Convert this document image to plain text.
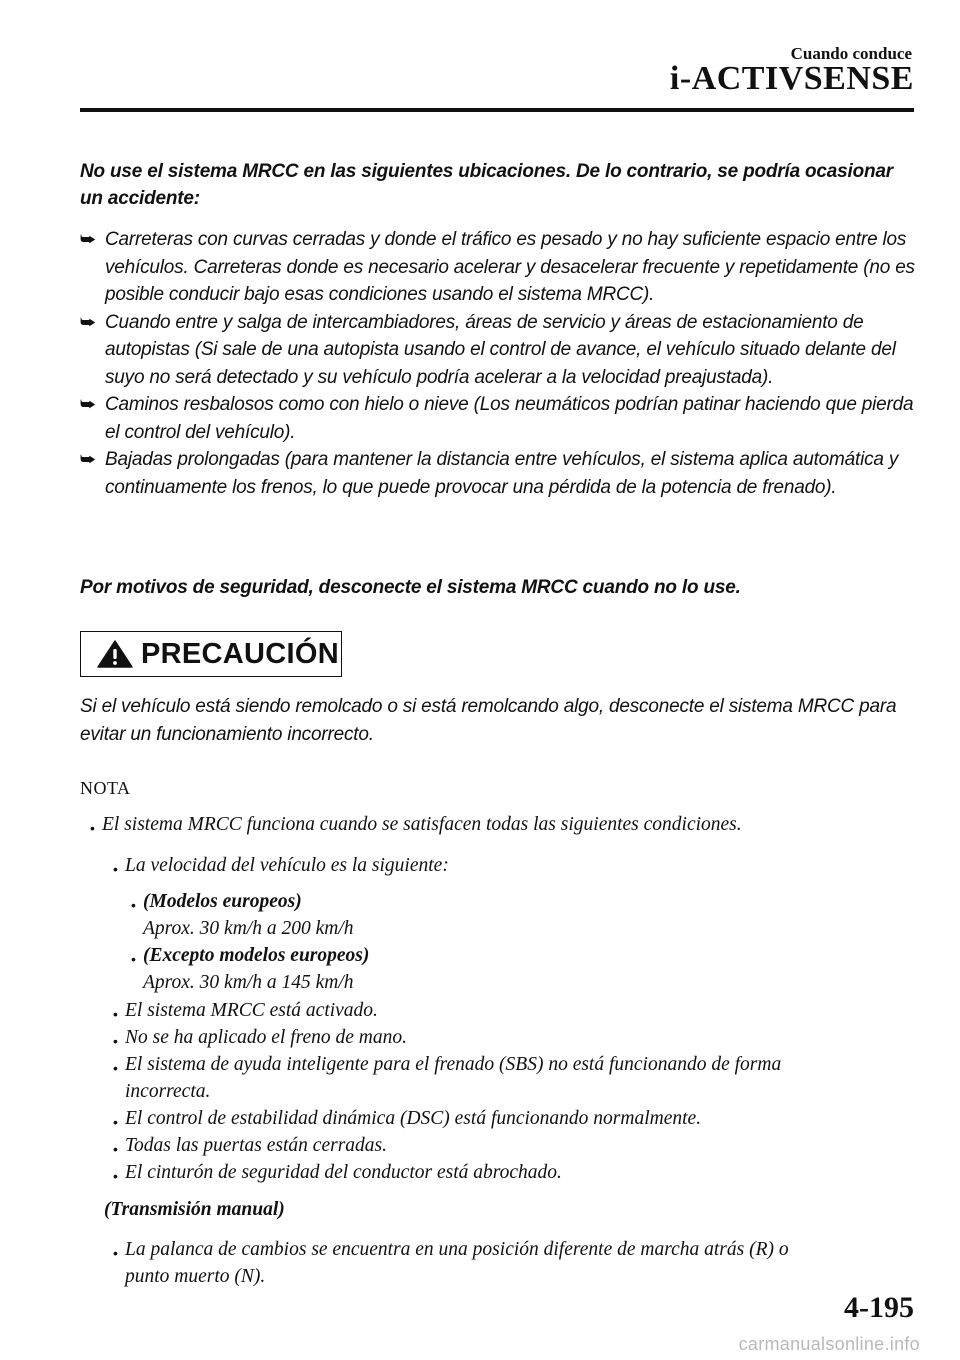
Cuando conduce
i-ACTIVSENSE
No use el sistema MRCC en las siguientes ubicaciones. De lo contrario, se podría ocasionar un accidente:
⮩ Carreteras con curvas cerradas y donde el tráfico es pesado y no hay suficiente espacio entre los vehículos. Carreteras donde es necesario acelerar y desacelerar frecuente y repetidamente (no es posible conducir bajo esas condiciones usando el sistema MRCC).
⮩ Cuando entre y salga de intercambiadores, áreas de servicio y áreas de estacionamiento de autopistas (Si sale de una autopista usando el control de avance, el vehículo situado delante del suyo no será detectado y su vehículo podría acelerar a la velocidad preajustada).
⮩ Caminos resbalosos como con hielo o nieve (Los neumáticos podrían patinar haciendo que pierda el control del vehículo).
⮩ Bajadas prolongadas (para mantener la distancia entre vehículos, el sistema aplica automática y continuamente los frenos, lo que puede provocar una pérdida de la potencia de frenado).
Por motivos de seguridad, desconecte el sistema MRCC cuando no lo use.
PRECAUCIÓN
Si el vehículo está siendo remolcado o si está remolcando algo, desconecte el sistema MRCC para evitar un funcionamiento incorrecto.
NOTA
• El sistema MRCC funciona cuando se satisfacen todas las siguientes condiciones.
• La velocidad del vehículo es la siguiente:
• (Modelos europeos)
Aprox. 30 km/h a 200 km/h
• (Excepto modelos europeos)
Aprox. 30 km/h a 145 km/h
• El sistema MRCC está activado.
• No se ha aplicado el freno de mano.
• El sistema de ayuda inteligente para el frenado (SBS) no está funcionando de forma
incorrecta.
• El control de estabilidad dinámica (DSC) está funcionando normalmente.
• Todas las puertas están cerradas.
• El cinturón de seguridad del conductor está abrochado.
(Transmisión manual)
• La palanca de cambios se encuentra en una posición diferente de marcha atrás (R) o
punto muerto (N).
4-195
carmanualsonline.info
